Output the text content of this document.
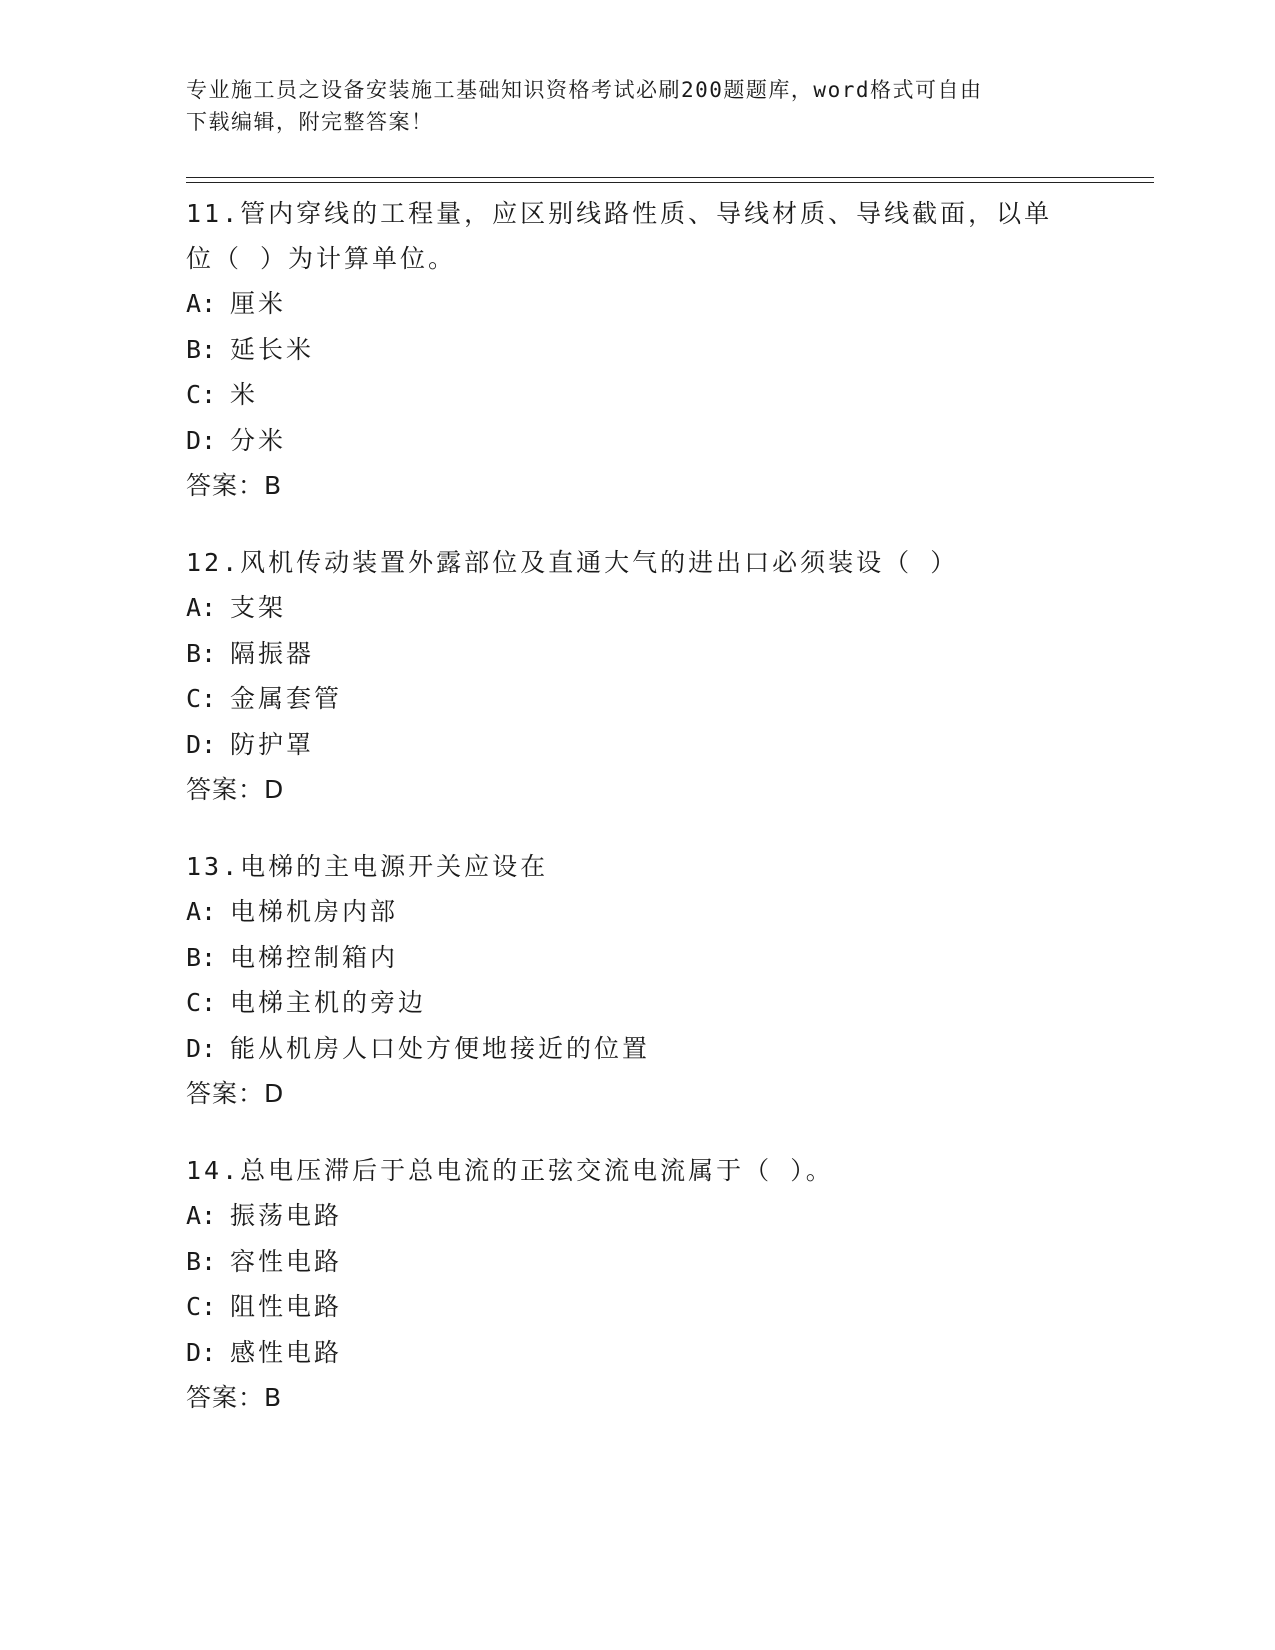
专业施工员之设备安装施工基础知识资格考试必刷200题题库，word格式可自由
下载编辑，附完整答案！

11.管内穿线的工程量，应区别线路性质、导线材质、导线截面，以单

位（ ）为计算单位。

A: 厘米

B: 延长米

C: 米

D: 分米

答案：B

12.风机传动装置外露部位及直通大气的进出口必须装设（ ）

A: 支架

B: 隔振器

C: 金属套管

D: 防护罩

答案：D

13.电梯的主电源开关应设在

A: 电梯机房内部

B: 电梯控制箱内

C: 电梯主机的旁边

D: 能从机房人口处方便地接近的位置

答案：D

14.总电压滞后于总电流的正弦交流电流属于（ ）。

A: 振荡电路

B: 容性电路

C: 阻性电路

D: 感性电路

答案：B
